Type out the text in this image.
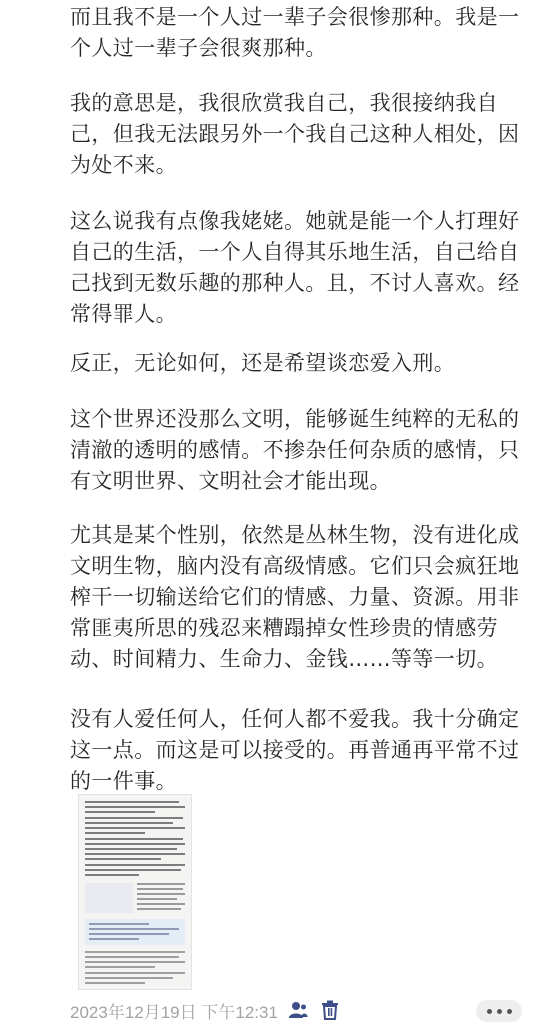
而且我不是一个人过一辈子会很惨那种。我是一
个人过一辈子会很爽那种。

我的意思是，我很欣赏我自己，我很接纳我自
己，但我无法跟另外一个我自己这种人相处，因
为处不来。

这么说我有点像我姥姥。她就是能一个人打理好
自己的生活，一个人自得其乐地生活，自己给自
己找到无数乐趣的那种人。且，不讨人喜欢。经
常得罪人。

反正，无论如何，还是希望谈恋爱入刑。

这个世界还没那么文明，能够诞生纯粹的无私的
清澈的透明的感情。不掺杂任何杂质的感情，只
有文明世界、文明社会才能出现。

尤其是某个性别，依然是丛林生物，没有进化成
文明生物，脑内没有高级情感。它们只会疯狂地
榨干一切输送给它们的情感、力量、资源。用非
常匪夷所思的残忍来糟蹋掉女性珍贵的情感劳
动、时间精力、生命力、金钱……等等一切。

没有人爱任何人，任何人都不爱我。我十分确定
这一点。而这是可以接受的。再普通再平常不过
的一件事。

2023年12月19日 下午12:31
